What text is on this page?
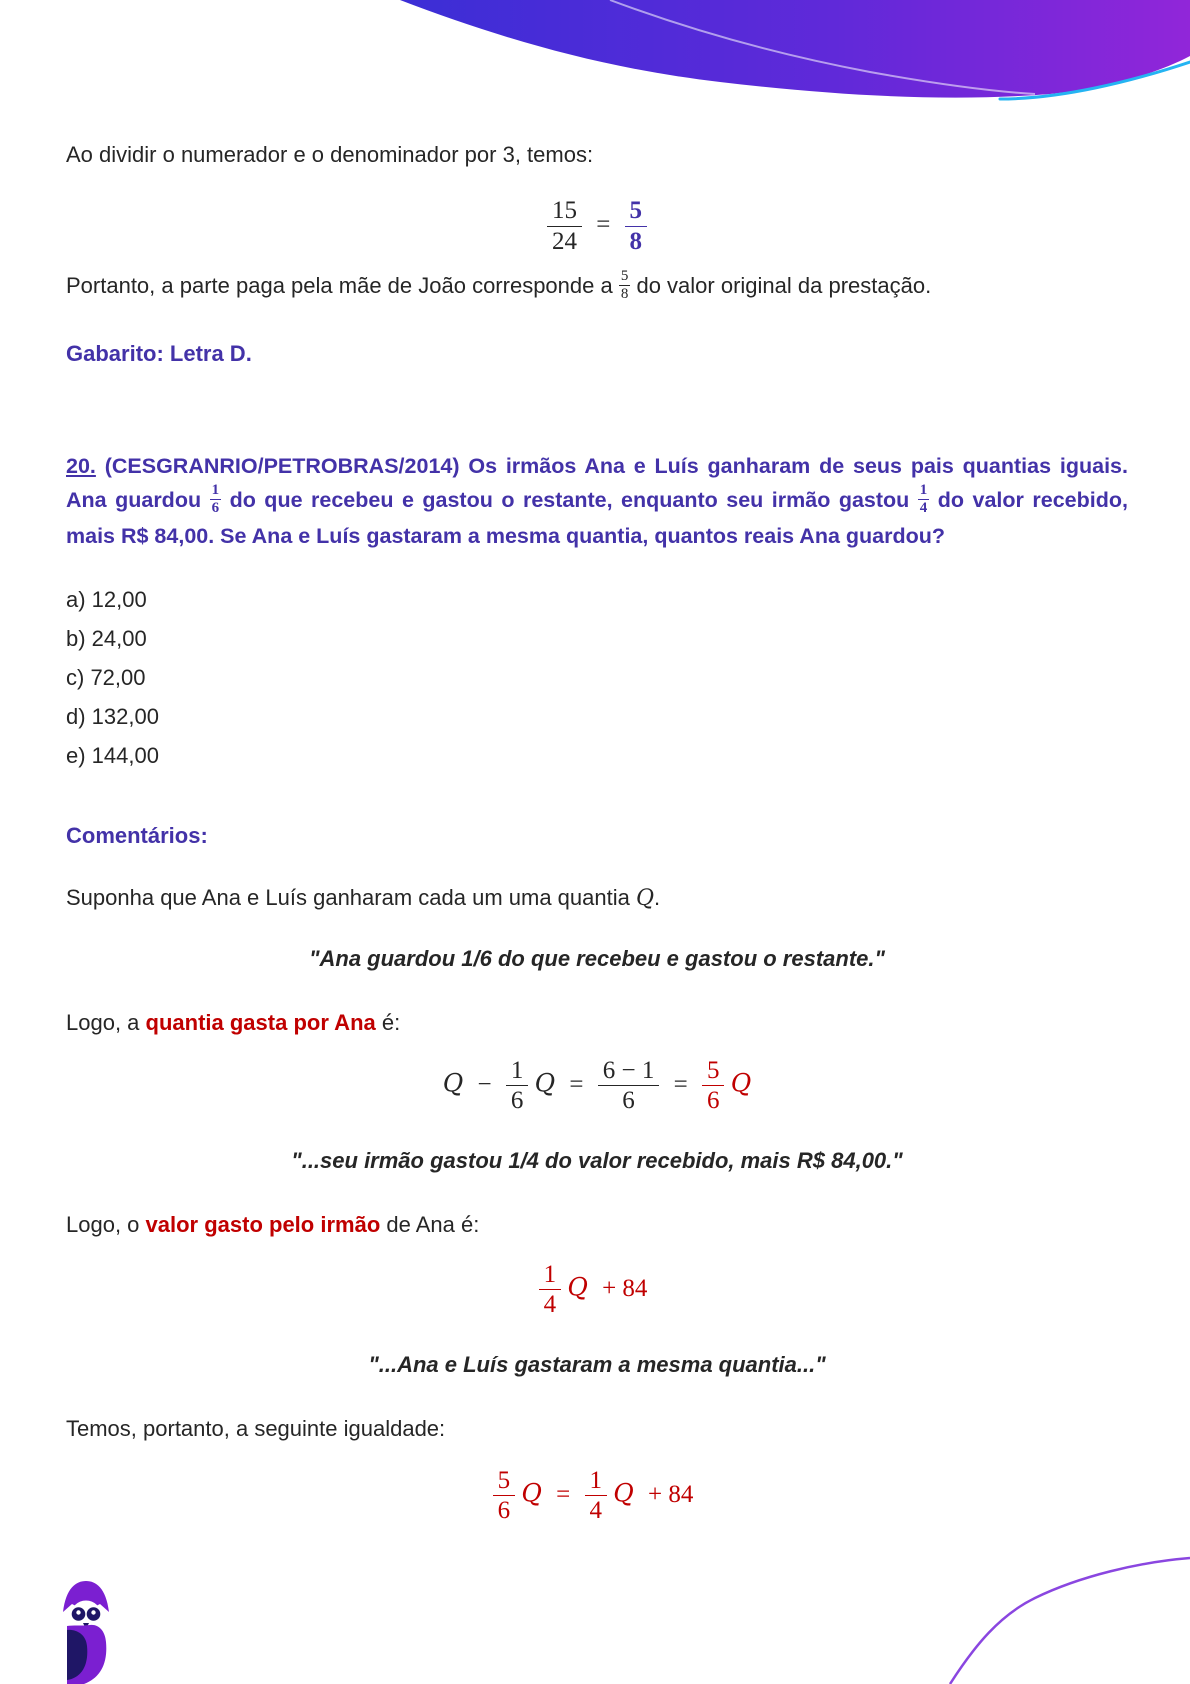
Ao dividir o numerador e o denominador por 3, temos:

$\frac{15}{24} = \frac{5}{8}$

Portanto, a parte paga pela mãe de João corresponde a $\frac{5}{8}$ do valor original da prestação.

Gabarito: Letra D.

20. (CESGRANRIO/PETROBRAS/2014) Os irmãos Ana e Luís ganharam de seus pais quantias iguais. Ana guardou $\frac{1}{6}$ do que recebeu e gastou o restante, enquanto seu irmão gastou $\frac{1}{4}$ do valor recebido, mais R$ 84,00. Se Ana e Luís gastaram a mesma quantia, quantos reais Ana guardou?

a) 12,00
b) 24,00
c) 72,00
d) 132,00
e) 144,00

Comentários:

Suponha que Ana e Luís ganharam cada um uma quantia Q.

"Ana guardou 1/6 do que recebeu e gastou o restante."

Logo, a quantia gasta por Ana é:

$Q - \frac{1}{6}$ $Q = \frac{6 - 1}{6} = \frac{5}{6}$ Q

"...seu irmão gastou 1/4 do valor recebido, mais R$ 84,00."

Logo, o valor gasto pelo irmão de Ana é:

$\frac{1}{4}$ Q + 84

"...Ana e Luís gastaram a mesma quantia..."

Temos, portanto, a seguinte igualdade:

$\frac{5}{6}$ $Q = \frac{1}{4}$ Q + 84
